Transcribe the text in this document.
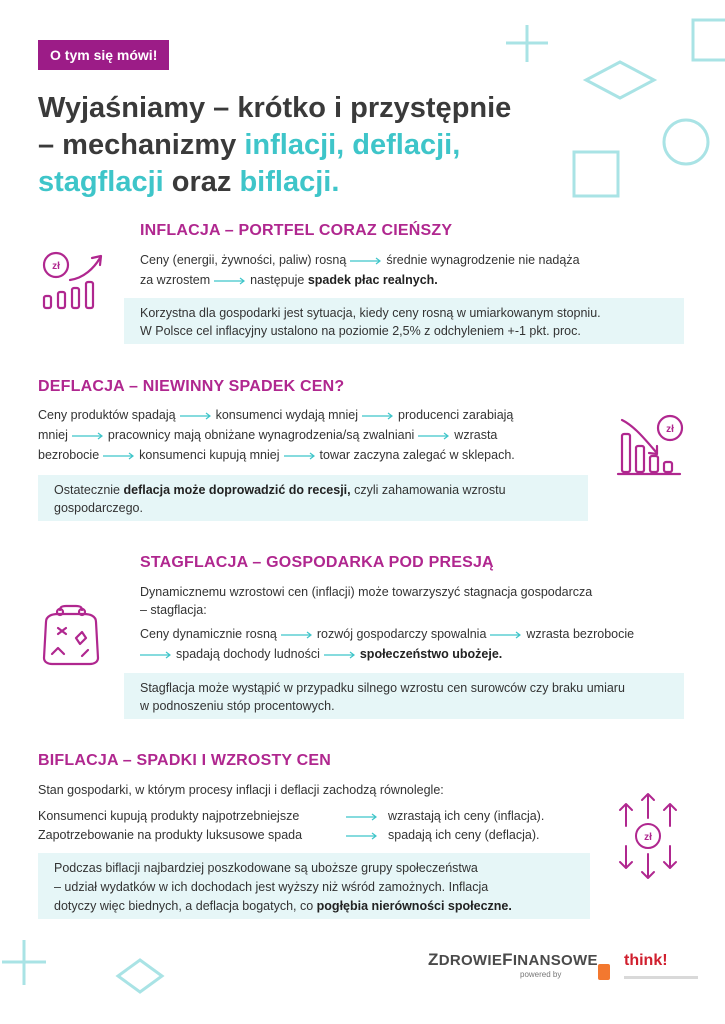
O tym się mówi!
Wyjaśniamy – krótko i przystępnie
– mechanizmy inflacji, deflacji,
stagflacji oraz biflacji.
INFLACJA – PORTFEL CORAZ CIEŃSZY
zł	Ceny (energii, żywności, paliw) rosną	średnie wynagrodzenie nie nadąża
za wzrostem	następuje spadek płac realnych.
Korzystna dla gospodarki jest sytuacja, kiedy ceny rosną w umiarkowanym stopniu.
W Polsce cel inflacyjny ustalono na poziomie 2,5% z odchyleniem +-1 pkt. proc.
DEFLACJA – NIEWINNY SPADEK CEN?
Ceny produktów spadają	konsumenci wydają mniej	producenci zarabiają
mniej	pracownicy mają obniżane wynagrodzenia/są zwalniani	wzrasta
bezrobocie	konsumenci kupują mniej	towar zaczyna zalegać w sklepach.
zł
Ostatecznie deflacja może doprowadzić do recesji, czyli zahamowania wzrostu
gospodarczego.
STAGFLACJA – GOSPODARKA POD PRESJĄ
Dynamicznemu wzrostowi cen (inflacji) może towarzyszyć stagnacja gospodarcza
– stagflacja:
Ceny dynamicznie rosną	rozwój gospodarczy spowalnia	wzrasta bezrobocie
spadają dochody ludności	społeczeństwo ubożeje.
Stagflacja może wystąpić w przypadku silnego wzrostu cen surowców czy braku umiaru
w podnoszeniu stóp procentowych.
BIFLACJA – SPADKI I WZROSTY CEN
Stan gospodarki, w którym procesy inflacji i deflacji zachodzą równolegle:
Konsumenci kupują produkty najpotrzebniejsze	wzrastają ich ceny (inflacja).
Zapotrzebowanie na produkty luksusowe spada	spadają ich ceny (deflacja).	zł
Podczas biflacji najbardziej poszkodowane są uboższe grupy społeczeństwa
– udział wydatków w ich dochodach jest wyższy niż wśród zamożnych. Inflacja
dotyczy więc biednych, a deflacja bogatych, co pogłębia nierówności społeczne.
ZDROWIEFINANSOWE
powered by
think!
